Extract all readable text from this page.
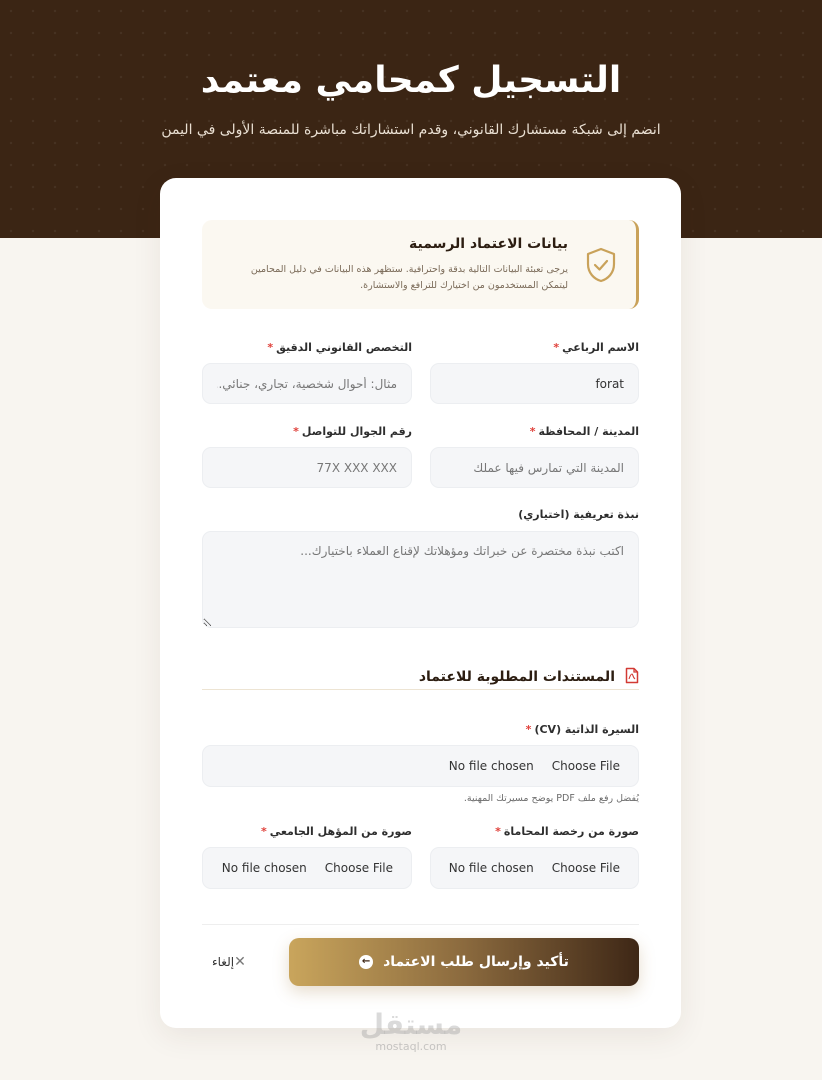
التسجيل كمحامي معتمد
انضم إلى شبكة مستشارك القانوني، وقدم استشاراتك مباشرة للمنصة الأولى في اليمن
بيانات الاعتماد الرسمية
يرجى تعبئة البيانات التالية بدقة واحترافية. ستظهر هذه البيانات في دليل المحامين ليتمكن المستخدمون من اختيارك للترافع والاستشارة.
الاسم الرباعي*
forat
التخصص القانوني الدقيق*
مثال: أحوال شخصية، تجاري، جنائي...
المدينة / المحافظة*
المدينة التي تمارس فيها عملك
رقم الجوال للتواصل*
77X XXX XXX
نبذة تعريفية (اختياري)
اكتب نبذة مختصرة عن خبراتك ومؤهلاتك لإقناع العملاء باختيارك...
المستندات المطلوبة للاعتماد
السيرة الذاتية (CV)*
Choose File
No file chosen
يُفضل رفع ملف PDF يوضح مسيرتك المهنية.
صورة من رخصة المحاماة*
Choose File
No file chosen
صورة من المؤهل الجامعي*
Choose File
No file chosen
تأكيد وإرسال طلب الاعتماد
←
✕
إلغاء
مستقل
mostaql.com
